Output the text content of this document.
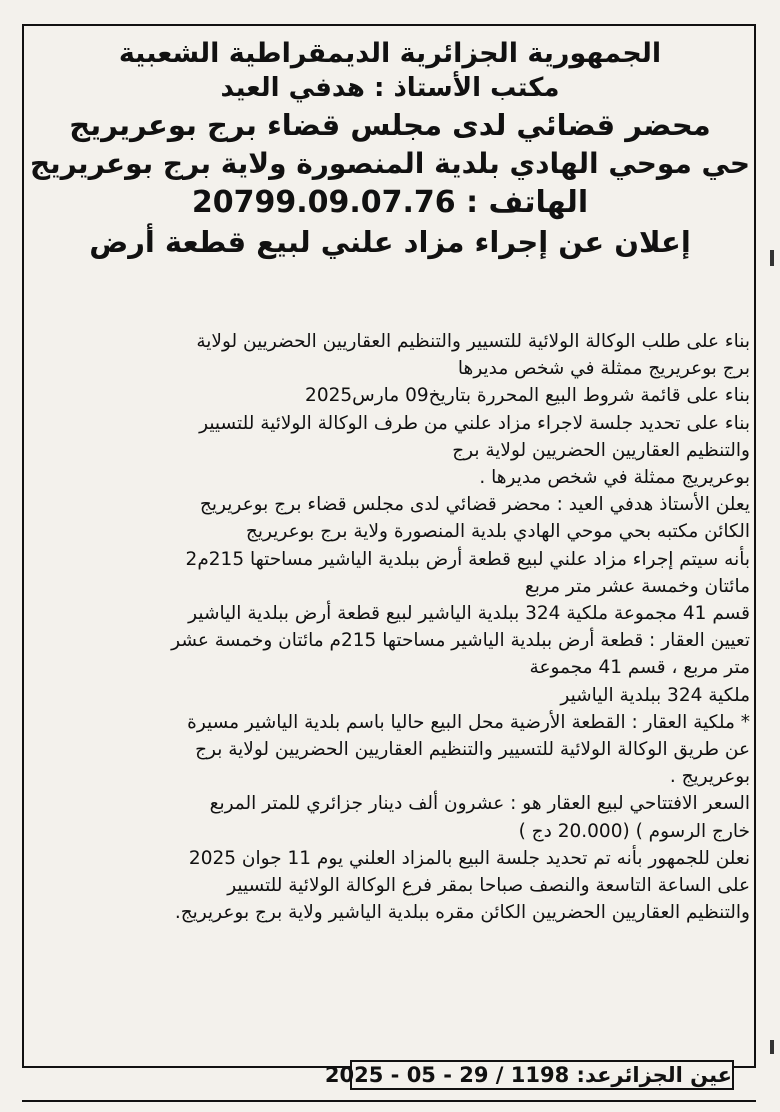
الجمهورية الجزائرية الديمقراطية الشعبية
مكتب الأستاذ : هدفي العيد
محضر قضائي لدى مجلس قضاء برج بوعريريج
حي موحي الهادي بلدية المنصورة ولاية برج بوعريريج
الهاتف : 20799.09.07.76
إعلان عن إجراء مزاد علني لبيع قطعة أرض
بناء على طلب الوكالة الولائية للتسيير والتنظيم العقاريين الحضريين لولاية
برج بوعريريج ممثلة في شخص مديرها
بناء على قائمة شروط البيع المحررة بتاريخ09 مارس2025
بناء على تحديد جلسة لاجراء مزاد علني من طرف الوكالة الولائية للتسيير
والتنظيم العقاريين الحضريين لولاية برج
بوعريريج ممثلة في شخص مديرها .
يعلن الأستاذ هدفي العيد : محضر قضائي لدى مجلس قضاء برج بوعريريج
الكائن مكتبه بحي موحي الهادي بلدية المنصورة ولاية برج بوعريريج
بأنه سيتم إجراء مزاد علني لبيع قطعة أرض ببلدية الياشير مساحتها 215م2
مائتان وخمسة عشر متر مربع
قسم 41 مجموعة ملكية 324 ببلدية الياشير لبيع قطعة أرض ببلدية الياشير
تعيين العقار : قطعة أرض ببلدية الياشير مساحتها 215م مائتان وخمسة عشر
متر مربع ، قسم 41 مجموعة
ملكية 324 ببلدية الياشير
* ملكية العقار : القطعة الأرضية محل البيع حاليا باسم بلدية الياشير مسيرة
عن طريق الوكالة الولائية للتسيير والتنظيم العقاريين الحضريين لولاية برج
بوعريريج .
السعر الافتتاحي لبيع العقار هو : عشرون ألف دينار جزائري للمتر المربع
خارج الرسوم ) (20.000 دج )
نعلن للجمهور بأنه تم تحديد جلسة البيع بالمزاد العلني يوم 11 جوان 2025
على الساعة التاسعة والنصف صباحا بمقر فرع الوكالة الولائية للتسيير
والتنظيم العقاريين الحضريين الكائن مقره ببلدية الياشير ولاية برج بوعريريج.
عين الجزائرعد: 1198 / 29 - 05 - 2025
